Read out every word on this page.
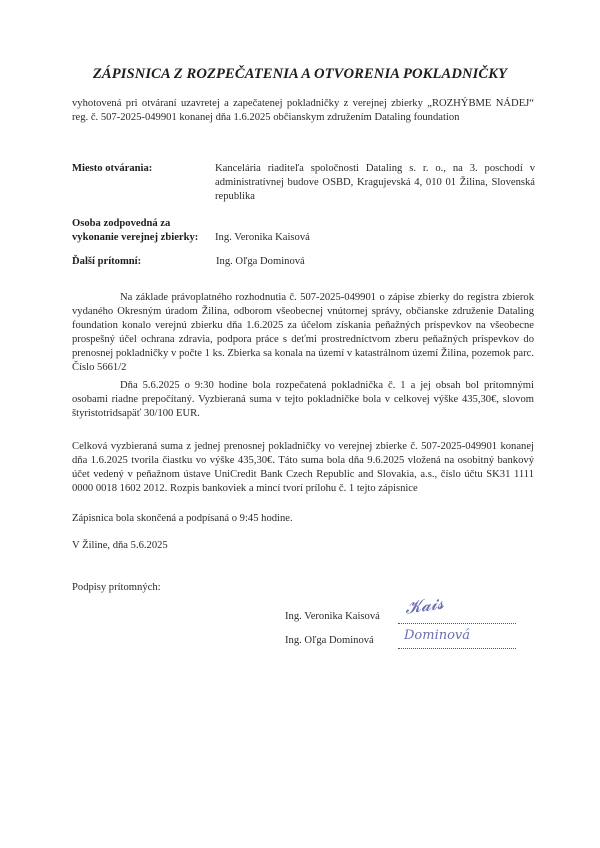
ZÁPISNICA Z ROZPEČATENIA A OTVORENIA POKLADNIČKY
vyhotovená pri otváraní uzavretej a zapečatenej pokladničky z verejnej zbierky „ROZHÝBME NÁDEJ“ reg. č. 507-2025-049901 konanej dňa 1.6.2025 občianskym združením Dataling foundation
Miesto otvárania:	Kancelária riaditeľa spoločnosti Dataling s. r. o., na 3. poschodí v administratívnej budove OSBD, Kragujevská 4, 010 01 Žilina, Slovenská republika
Osoba zodpovedná za
vykonanie verejnej zbierky: Ing. Veronika Kaisová
Ďalší prítomní:	Ing. Oľga Dominová
Na základe právoplatného rozhodnutia č. 507-2025-049901 o zápise zbierky do registra zbierok vydaného Okresným úradom Žilina, odborom všeobecnej vnútornej správy, občianske združenie Dataling foundation konalo verejnú zbierku dňa 1.6.2025 za účelom získania peňažných príspevkov na všeobecne prospešný účel ochrana zdravia, podpora práce s deťmi prostredníctvom zberu peňažných príspevkov do prenosnej pokladničky v počte 1 ks. Zbierka sa konala na území v katastrálnom území Žilina, pozemok parc. Číslo 5661/2
Dňa 5.6.2025 o 9:30 hodine bola rozpečatená pokladnička č. 1 a jej obsah bol prítomnými osobami riadne prepočítaný. Vyzbieraná suma v tejto pokladničke bola v celkovej výške 435,30€, slovom štyristotridsapäť 30/100 EUR.
Celková vyzbieraná suma z jednej prenosnej pokladničky vo verejnej zbierke č. 507-2025-049901 konanej dňa 1.6.2025 tvorila čiastku vo výške 435,30€. Táto suma bola dňa 9.6.2025 vložená na osobitný bankový účet vedený v peňažnom ústave UniCredit Bank Czech Republic and Slovakia, a.s., číslo účtu SK31 1111 0000 0018 1602 2012. Rozpis bankoviek a mincí tvorí prílohu č. 1 tejto zápisnice
Zápisnica bola skončená a podpísaná o 9:45 hodine.
V Žiline, dňa 5.6.2025
Podpisy prítomných:
Ing. Veronika Kaisová 𝓚𝓪𝓲𝓼
Ing. Oľga Dominová Dominová
